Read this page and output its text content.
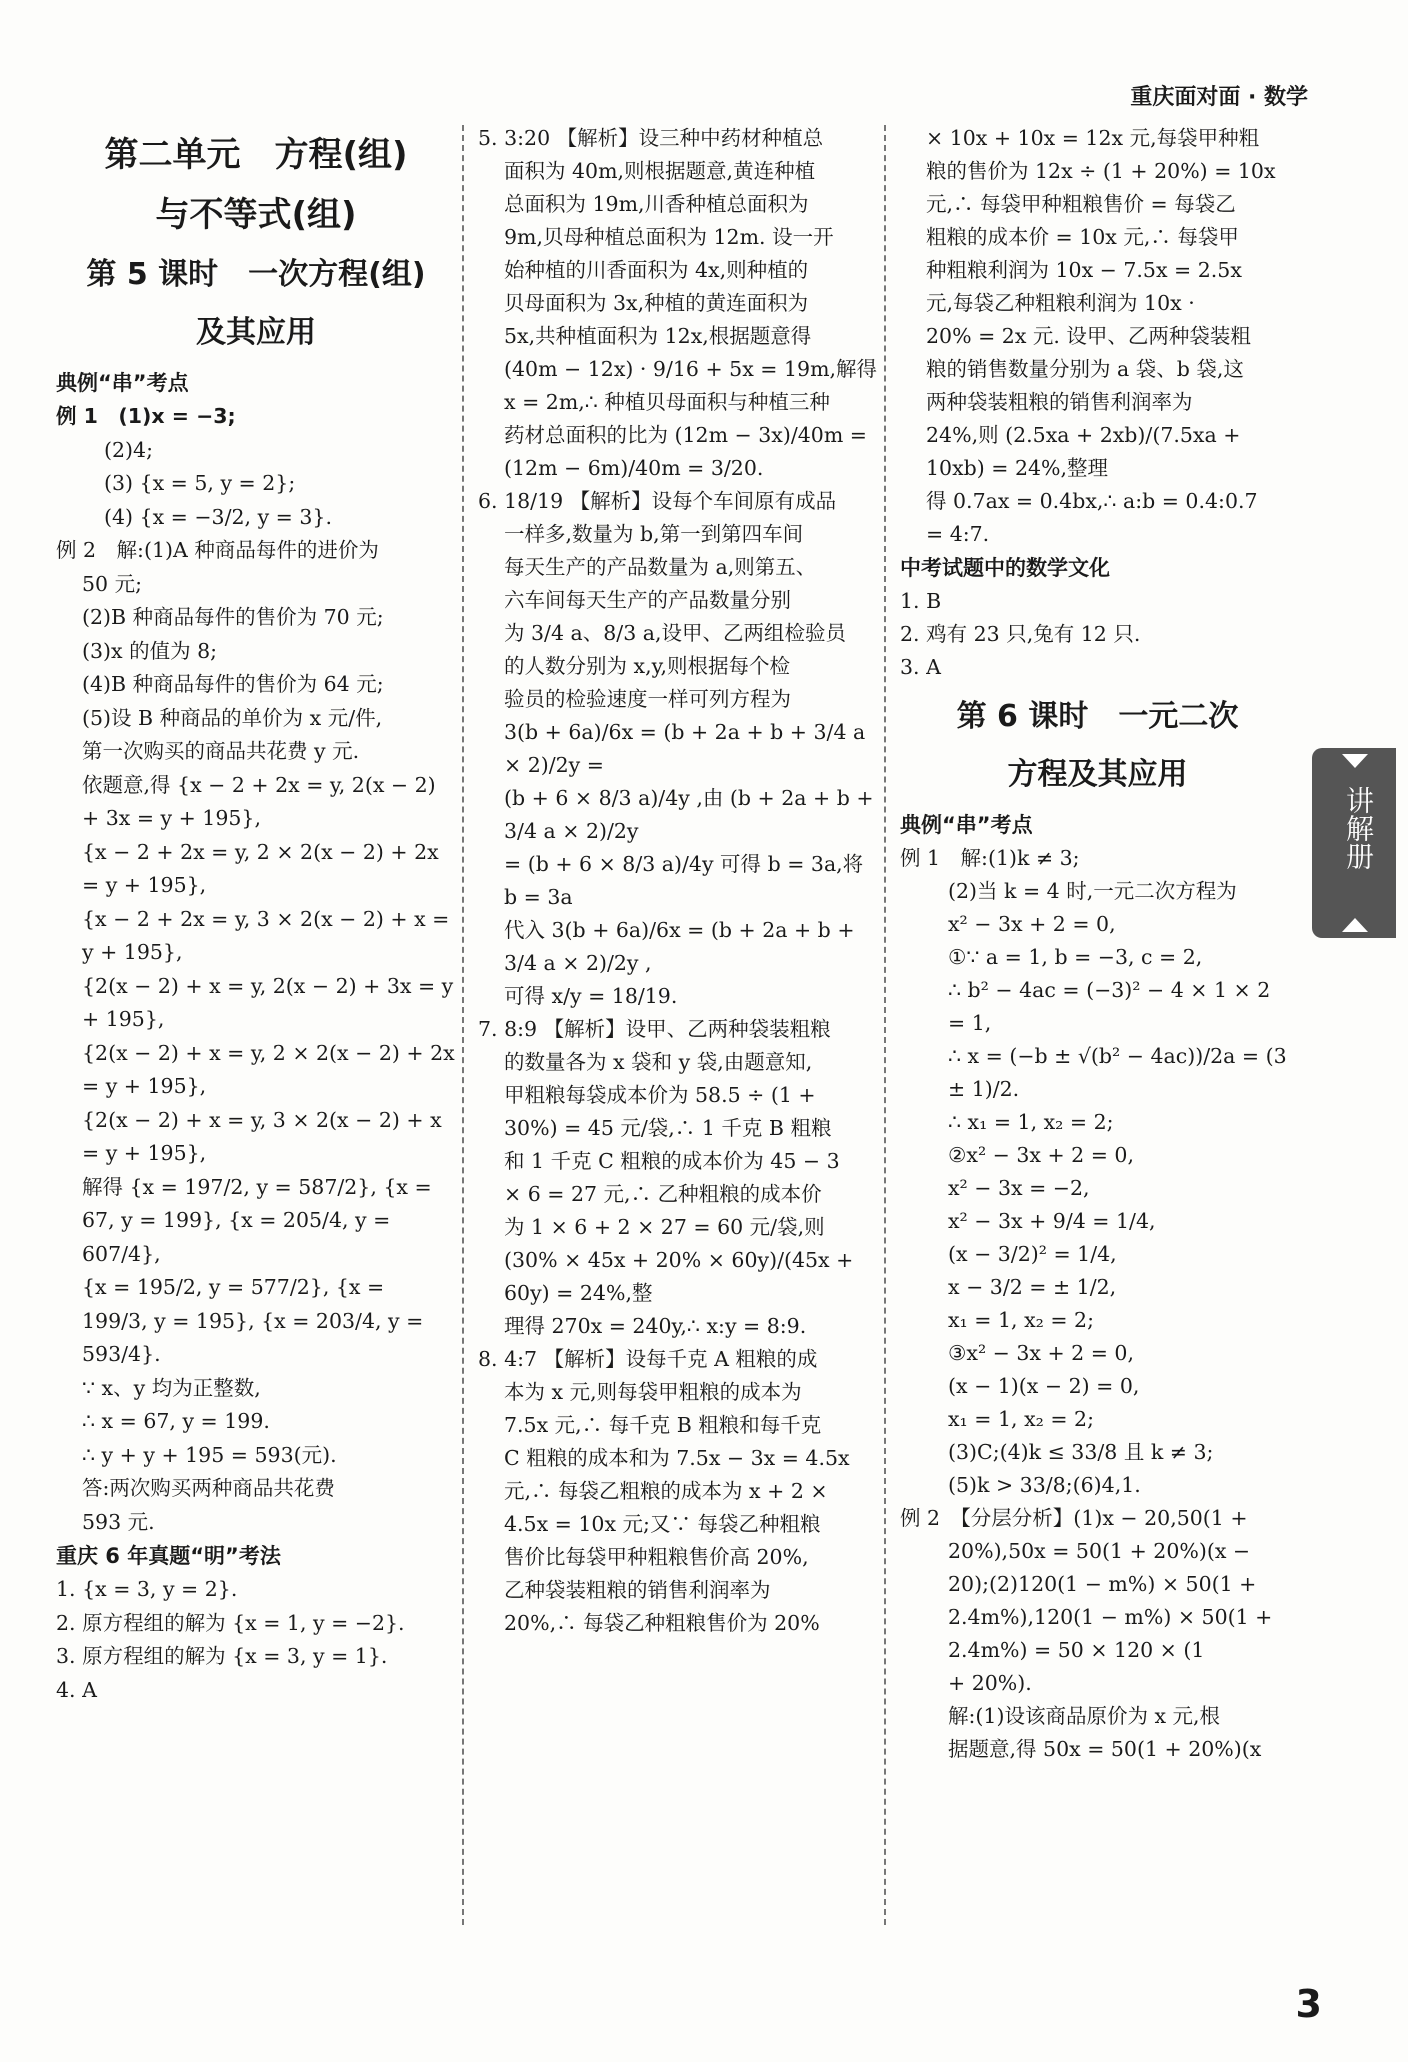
重庆面对面 · 数学
第二单元　方程(组)
与不等式(组)
第 5 课时　一次方程(组)
及其应用
典例“串”考点
例 1　(1)x = −3;
(2)4;
(3) {x = 5, y = 2};
(4) {x = −3/2, y = 3}.
例 2　解:(1)A 种商品每件的进价为
50 元;
(2)B 种商品每件的售价为 70 元;
(3)x 的值为 8;
(4)B 种商品每件的售价为 64 元;
(5)设 B 种商品的单价为 x 元/件,
第一次购买的商品共花费 y 元.
依题意,得 {x − 2 + 2x = y, 2(x − 2) + 3x = y + 195},
{x − 2 + 2x = y, 2 × 2(x − 2) + 2x = y + 195},
{x − 2 + 2x = y, 3 × 2(x − 2) + x = y + 195},
{2(x − 2) + x = y, 2(x − 2) + 3x = y + 195},
{2(x − 2) + x = y, 2 × 2(x − 2) + 2x = y + 195},
{2(x − 2) + x = y, 3 × 2(x − 2) + x = y + 195},
解得 {x = 197/2, y = 587/2}, {x = 67, y = 199}, {x = 205/4, y = 607/4},
{x = 195/2, y = 577/2}, {x = 199/3, y = 195}, {x = 203/4, y = 593/4}.
∵ x、y 均为正整数,
∴ x = 67, y = 199.
∴ y + y + 195 = 593(元).
答:两次购买两种商品共花费
593 元.
重庆 6 年真题“明”考法
1. {x = 3, y = 2}.
2. 原方程组的解为 {x = 1, y = −2}.
3. 原方程组的解为 {x = 3, y = 1}.
4. A
5. 3:20 【解析】设三种中药材种植总
面积为 40m,则根据题意,黄连种植
总面积为 19m,川香种植总面积为
9m,贝母种植总面积为 12m. 设一开
始种植的川香面积为 4x,则种植的
贝母面积为 3x,种植的黄连面积为
5x,共种植面积为 12x,根据题意得
(40m − 12x) · 9/16 + 5x = 19m,解得
x = 2m,∴ 种植贝母面积与种植三种
药材总面积的比为 (12m − 3x)/40m =
(12m − 6m)/40m = 3/20.
6. 18/19 【解析】设每个车间原有成品
一样多,数量为 b,第一到第四车间
每天生产的产品数量为 a,则第五、
六车间每天生产的产品数量分别
为 3/4 a、8/3 a,设甲、乙两组检验员
的人数分别为 x,y,则根据每个检
验员的检验速度一样可列方程为
3(b + 6a)/6x = (b + 2a + b + 3/4 a × 2)/2y =
(b + 6 × 8/3 a)/4y ,由 (b + 2a + b + 3/4 a × 2)/2y
= (b + 6 × 8/3 a)/4y 可得 b = 3a,将 b = 3a
代入 3(b + 6a)/6x = (b + 2a + b + 3/4 a × 2)/2y ,
可得 x/y = 18/19.
7. 8:9 【解析】设甲、乙两种袋装粗粮
的数量各为 x 袋和 y 袋,由题意知,
甲粗粮每袋成本价为 58.5 ÷ (1 +
30%) = 45 元/袋,∴ 1 千克 B 粗粮
和 1 千克 C 粗粮的成本价为 45 − 3
× 6 = 27 元,∴ 乙种粗粮的成本价
为 1 × 6 + 2 × 27 = 60 元/袋,则
(30% × 45x + 20% × 60y)/(45x + 60y) = 24%,整
理得 270x = 240y,∴ x:y = 8:9.
8. 4:7 【解析】设每千克 A 粗粮的成
本为 x 元,则每袋甲粗粮的成本为
7.5x 元,∴ 每千克 B 粗粮和每千克
C 粗粮的成本和为 7.5x − 3x = 4.5x
元,∴ 每袋乙粗粮的成本为 x + 2 ×
4.5x = 10x 元;又∵ 每袋乙种粗粮
售价比每袋甲种粗粮售价高 20%,
乙种袋装粗粮的销售利润率为
20%,∴ 每袋乙种粗粮售价为 20%
× 10x + 10x = 12x 元,每袋甲种粗
粮的售价为 12x ÷ (1 + 20%) = 10x
元,∴ 每袋甲种粗粮售价 = 每袋乙
粗粮的成本价 = 10x 元,∴ 每袋甲
种粗粮利润为 10x − 7.5x = 2.5x
元,每袋乙种粗粮利润为 10x ·
20% = 2x 元. 设甲、乙两种袋装粗
粮的销售数量分别为 a 袋、b 袋,这
两种袋装粗粮的销售利润率为
24%,则 (2.5xa + 2xb)/(7.5xa + 10xb) = 24%,整理
得 0.7ax = 0.4bx,∴ a:b = 0.4:0.7
= 4:7.
中考试题中的数学文化
1. B
2. 鸡有 23 只,兔有 12 只.
3. A
第 6 课时　一元二次
方程及其应用
典例“串”考点
例 1　解:(1)k ≠ 3;
(2)当 k = 4 时,一元二次方程为
x² − 3x + 2 = 0,
①∵ a = 1, b = −3, c = 2,
∴ b² − 4ac = (−3)² − 4 × 1 × 2
= 1,
∴ x = (−b ± √(b² − 4ac))/2a = (3 ± 1)/2.
∴ x₁ = 1, x₂ = 2;
②x² − 3x + 2 = 0,
x² − 3x = −2,
x² − 3x + 9/4 = 1/4,
(x − 3/2)² = 1/4,
x − 3/2 = ± 1/2,
x₁ = 1, x₂ = 2;
③x² − 3x + 2 = 0,
(x − 1)(x − 2) = 0,
x₁ = 1, x₂ = 2;
(3)C;(4)k ≤ 33/8 且 k ≠ 3;
(5)k > 33/8;(6)4,1.
例 2　【分层分析】(1)x − 20,50(1 +
20%),50x = 50(1 + 20%)(x −
20);(2)120(1 − m%) × 50(1 +
2.4m%),120(1 − m%) × 50(1 +
2.4m%) = 50 × 120 × (1
+ 20%).
解:(1)设该商品原价为 x 元,根
据题意,得 50x = 50(1 + 20%)(x
讲解册
3
